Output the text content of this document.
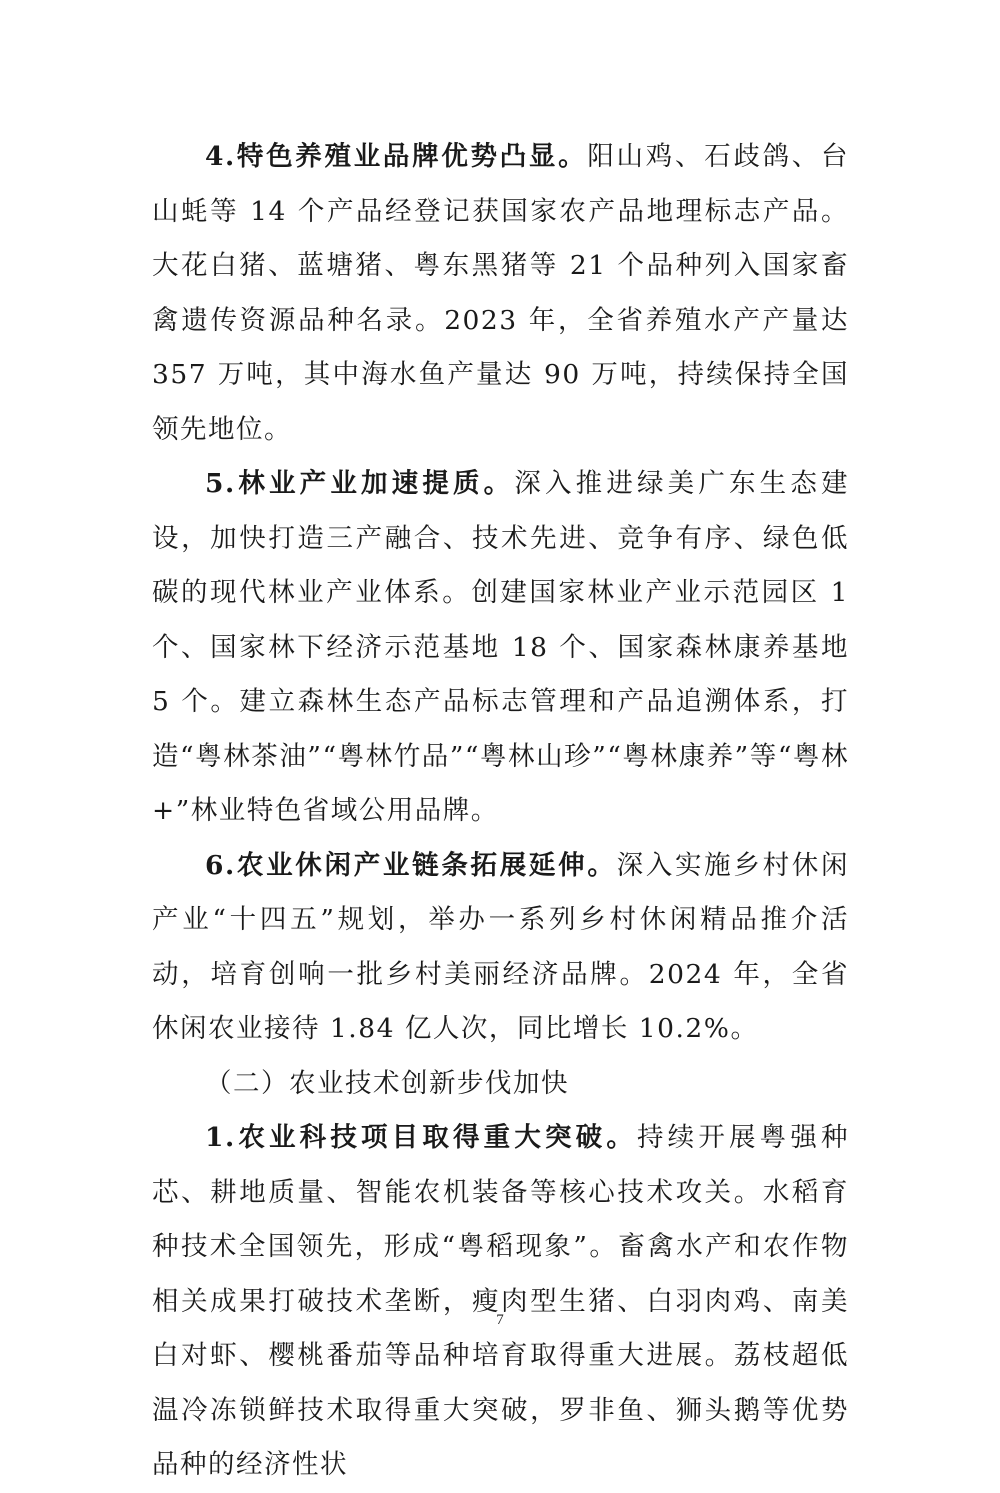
4.特色养殖业品牌优势凸显。阳山鸡、石歧鸽、台山蚝等 14 个产品经登记获国家农产品地理标志产品。大花白猪、蓝塘猪、粤东黑猪等 21 个品种列入国家畜禽遗传资源品种名录。2023 年，全省养殖水产产量达 357 万吨，其中海水鱼产量达 90 万吨，持续保持全国领先地位。

5.林业产业加速提质。深入推进绿美广东生态建设，加快打造三产融合、技术先进、竞争有序、绿色低碳的现代林业产业体系。创建国家林业产业示范园区 1 个、国家林下经济示范基地 18 个、国家森林康养基地 5 个。建立森林生态产品标志管理和产品追溯体系，打造“粤林茶油”“粤林竹品”“粤林山珍”“粤林康养”等“粤林+”林业特色省域公用品牌。

6.农业休闲产业链条拓展延伸。深入实施乡村休闲产业“十四五”规划，举办一系列乡村休闲精品推介活动，培育创响一批乡村美丽经济品牌。2024 年，全省休闲农业接待 1.84 亿人次，同比增长 10.2%。

（二）农业技术创新步伐加快

1.农业科技项目取得重大突破。持续开展粤强种芯、耕地质量、智能农机装备等核心技术攻关。水稻育种技术全国领先，形成“粤稻现象”。畜禽水产和农作物相关成果打破技术垄断，瘦肉型生猪、白羽肉鸡、南美白对虾、樱桃番茄等品种培育取得重大进展。荔枝超低温冷冻锁鲜技术取得重大突破，罗非鱼、狮头鹅等优势品种的经济性状

7
